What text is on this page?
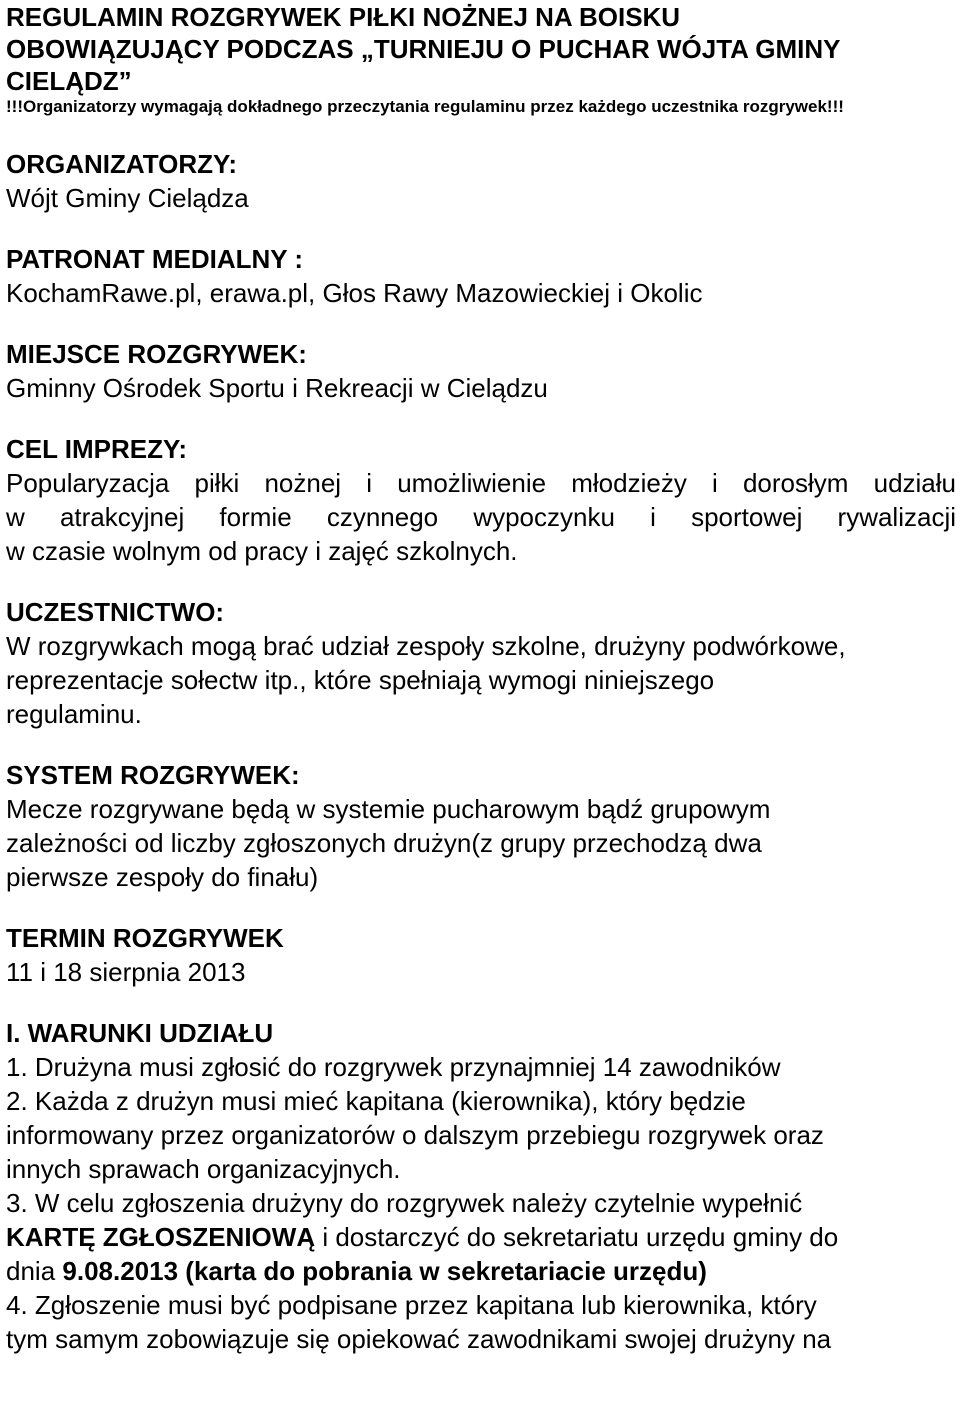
REGULAMIN ROZGRYWEK PIŁKI NOŻNEJ NA BOISKU

OBOWIĄZUJĄCY PODCZAS „TURNIEJU O PUCHAR WÓJTA GMINY

CIELĄDZ”

!!!Organizatorzy wymagają dokładnego przeczytania regulaminu przez każdego uczestnika rozgrywek!!!

ORGANIZATORZY:

Wójt Gminy Cielądza

PATRONAT MEDIALNY :

KochamRawe.pl, erawa.pl, Głos Rawy Mazowieckiej i Okolic

MIEJSCE ROZGRYWEK:

Gminny Ośrodek Sportu i Rekreacji w Cielądzu

CEL IMPREZY:

Popularyzacja piłki nożnej i umożliwienie młodzieży i dorosłym udziału

w atrakcyjnej formie czynnego wypoczynku i sportowej rywalizacji

w czasie wolnym od pracy i zajęć szkolnych.

UCZESTNICTWO:

W rozgrywkach mogą brać udział zespoły szkolne, drużyny podwórkowe,

reprezentacje sołectw itp., które spełniają wymogi niniejszego

regulaminu.

SYSTEM ROZGRYWEK:

Mecze rozgrywane będą w systemie pucharowym bądź grupowym

zależności od liczby zgłoszonych drużyn(z grupy przechodzą dwa

pierwsze zespoły do finału)

TERMIN ROZGRYWEK

11 i 18 sierpnia 2013

I. WARUNKI UDZIAŁU

1. Drużyna musi zgłosić do rozgrywek przynajmniej 14 zawodników

2. Każda z drużyn musi mieć kapitana (kierownika), który będzie

informowany przez organizatorów o dalszym przebiegu rozgrywek oraz

innych sprawach organizacyjnych.

3. W celu zgłoszenia drużyny do rozgrywek należy czytelnie wypełnić

KARTĘ ZGŁOSZENIOWĄ i dostarczyć do sekretariatu urzędu gminy do

dnia 9.08.2013 (karta do pobrania w sekretariacie urzędu)

4. Zgłoszenie musi być podpisane przez kapitana lub kierownika, który

tym samym zobowiązuje się opiekować zawodnikami swojej drużyny na
